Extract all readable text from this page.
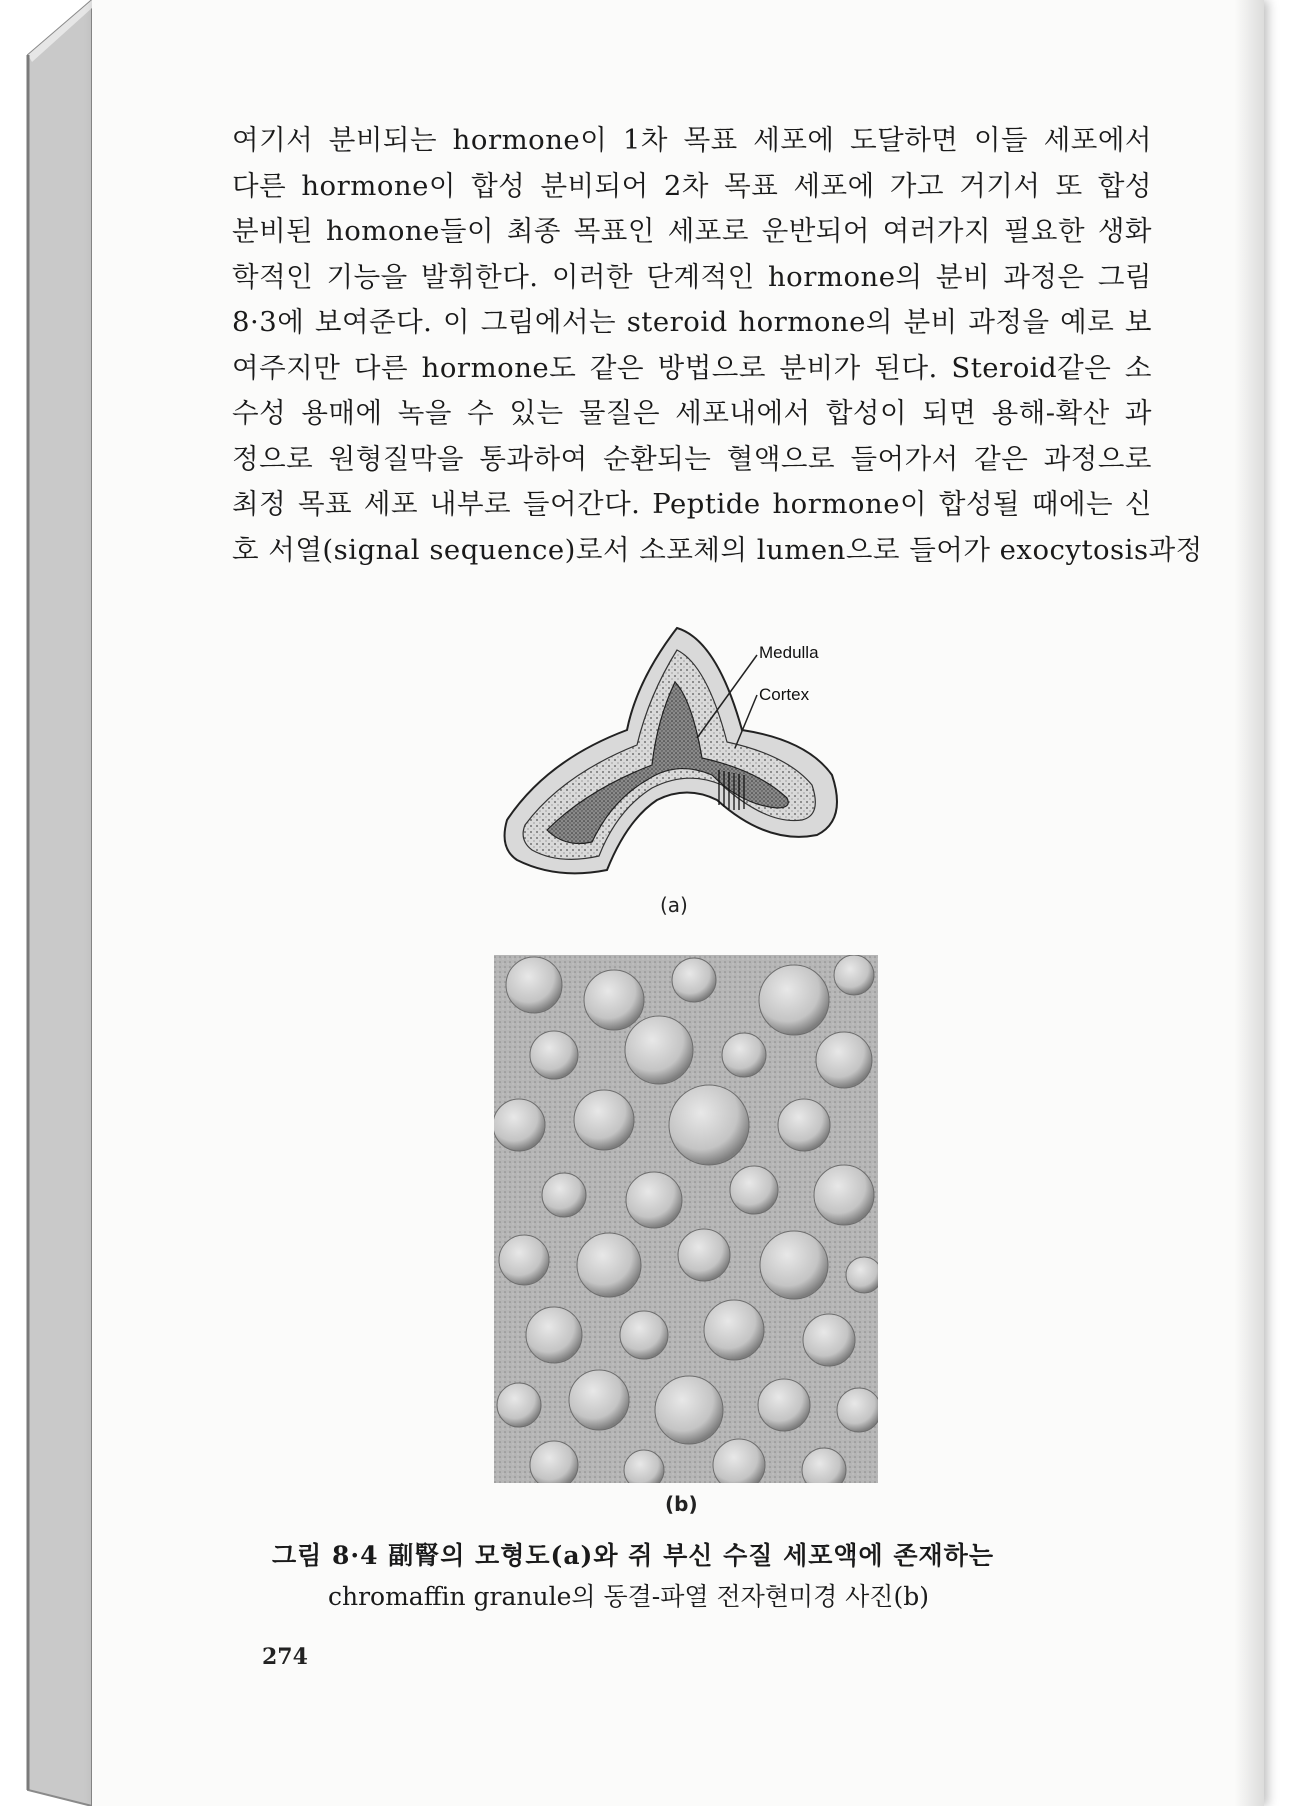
여기서 분비되는 hormone이 1차 목표 세포에 도달하면 이들 세포에서
다른 hormone이 합성 분비되어 2차 목표 세포에 가고 거기서 또 합성
분비된 homone들이 최종 목표인 세포로 운반되어 여러가지 필요한 생화
학적인 기능을 발휘한다. 이러한 단계적인 hormone의 분비 과정은 그림
8·3에 보여준다. 이 그림에서는 steroid hormone의 분비 과정을 예로 보
여주지만 다른 hormone도 같은 방법으로 분비가 된다. Steroid같은 소
수성 용매에 녹을 수 있는 물질은 세포내에서 합성이 되면 용해-확산 과
정으로 원형질막을 통과하여 순환되는 혈액으로 들어가서 같은 과정으로
최정 목표 세포 내부로 들어간다. Peptide hormone이 합성될 때에는 신
호 서열(signal sequence)로서 소포체의 lumen으로 들어가 exocytosis과정
Medulla
Cortex
(a)
(b)
그림 8·4 副腎의 모형도(a)와 쥐 부신 수질 세포액에 존재하는
chromaffin granule의 동결-파열 전자현미경 사진(b)
274
